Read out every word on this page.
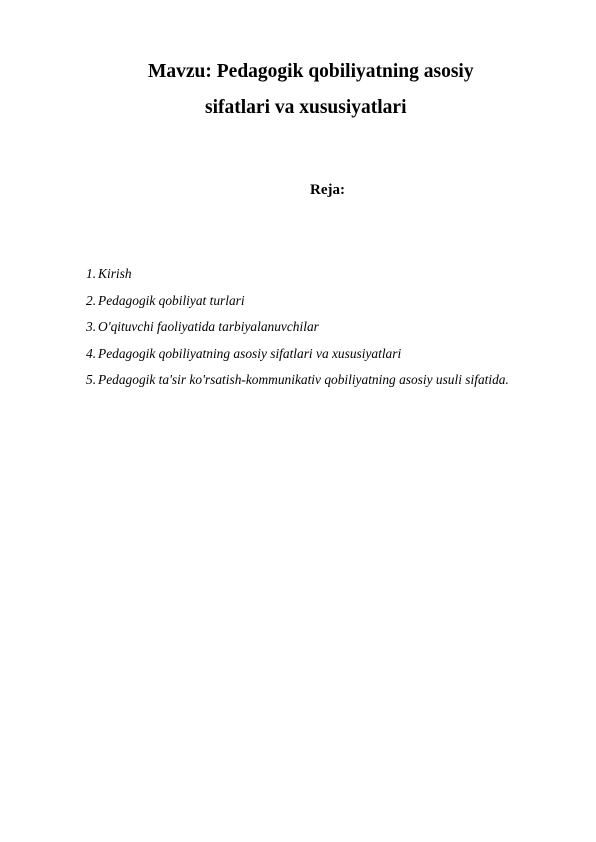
Mavzu: Pedagogik qobiliyatning asosiy
sifatlari va xususiyatlari
Reja:
1. Kirish
2. Pedagogik qobiliyat turlari
3. O'qituvchi faoliyatida tarbiyalanuvchilar
4. Pedagogik qobiliyatning asosiy sifatlari va xususiyatlari
5. Pedagogik ta'sir ko'rsatish-kommunikativ qobiliyatning asosiy usuli sifatida.
